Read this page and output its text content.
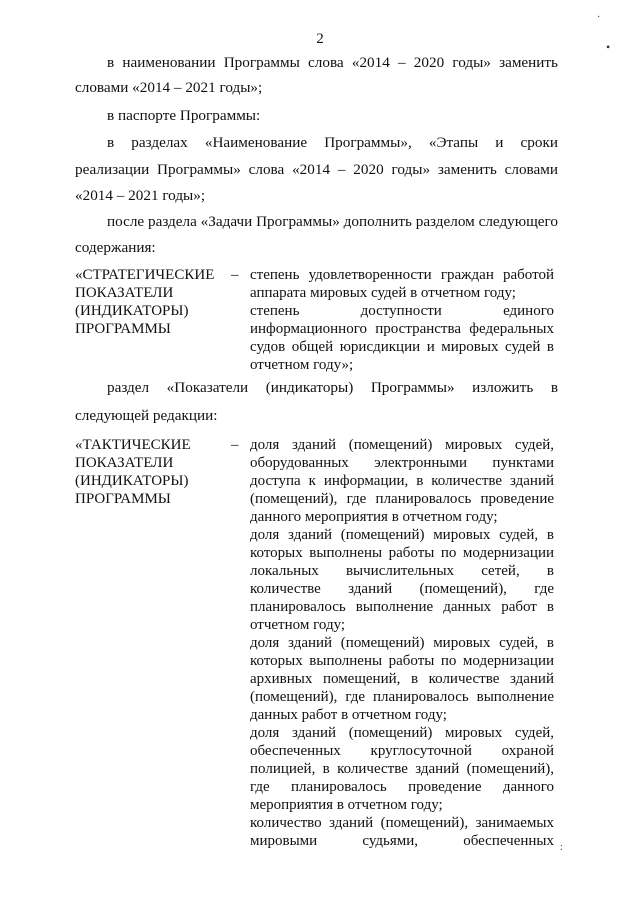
2
·
•
в наименовании Программы слова «2014 – 2020 годы» заменить
словами «2014 – 2021 годы»;
в паспорте Программы:
в разделах «Наименование Программы», «Этапы и сроки
реализации Программы» слова «2014 – 2020 годы» заменить словами
«2014 – 2021 годы»;
после раздела «Задачи Программы» дополнить разделом следующего
содержания:
«СТРАТЕГИЧЕСКИЕ
ПОКАЗАТЕЛИ
(ИНДИКАТОРЫ)
ПРОГРАММЫ
– степень удовлетворенности граждан работой
аппарата мировых судей в отчетном году;
степень доступности единого
информационного пространства федеральных
судов общей юрисдикции и мировых судей в
отчетном году»;
раздел «Показатели (индикаторы) Программы» изложить в
следующей редакции:
«ТАКТИЧЕСКИЕ
ПОКАЗАТЕЛИ
(ИНДИКАТОРЫ)
ПРОГРАММЫ
– доля зданий (помещений) мировых судей,
оборудованных электронными пунктами
доступа к информации, в количестве зданий
(помещений), где планировалось проведение
данного мероприятия в отчетном году;
доля зданий (помещений) мировых судей, в
которых выполнены работы по модернизации
локальных вычислительных сетей, в
количестве зданий (помещений), где
планировалось выполнение данных работ в
отчетном году;
доля зданий (помещений) мировых судей, в
которых выполнены работы по модернизации
архивных помещений, в количестве зданий
(помещений), где планировалось выполнение
данных работ в отчетном году;
доля зданий (помещений) мировых судей,
обеспеченных круглосуточной охраной
полицией, в количестве зданий (помещений),
где планировалось проведение данного
мероприятия в отчетном году;
количество зданий (помещений), занимаемых
мировыми судьями, обеспеченных :
